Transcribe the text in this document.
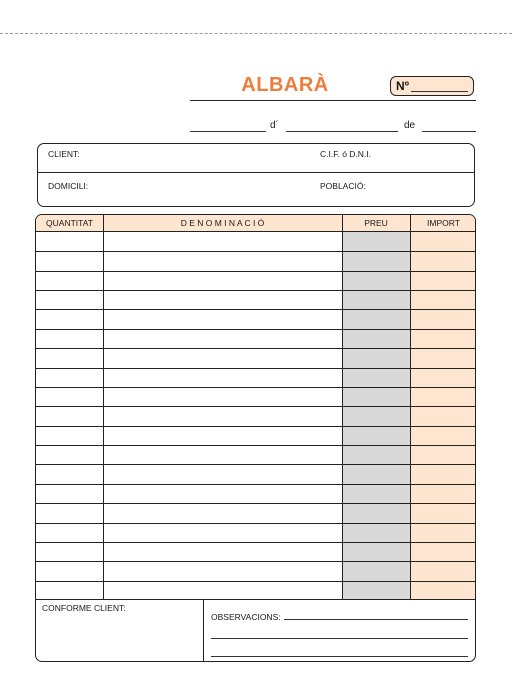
ALBARÀ	Nº
d´	de
CLIENT:	C.I.F. ó D.N.I.
DOMICILI:	POBLACIÓ:
QUANTITAT	D E N O M I N A C I Ó	PREU	IMPORT
CONFORME CLIENT:
OBSERVACIONS:
